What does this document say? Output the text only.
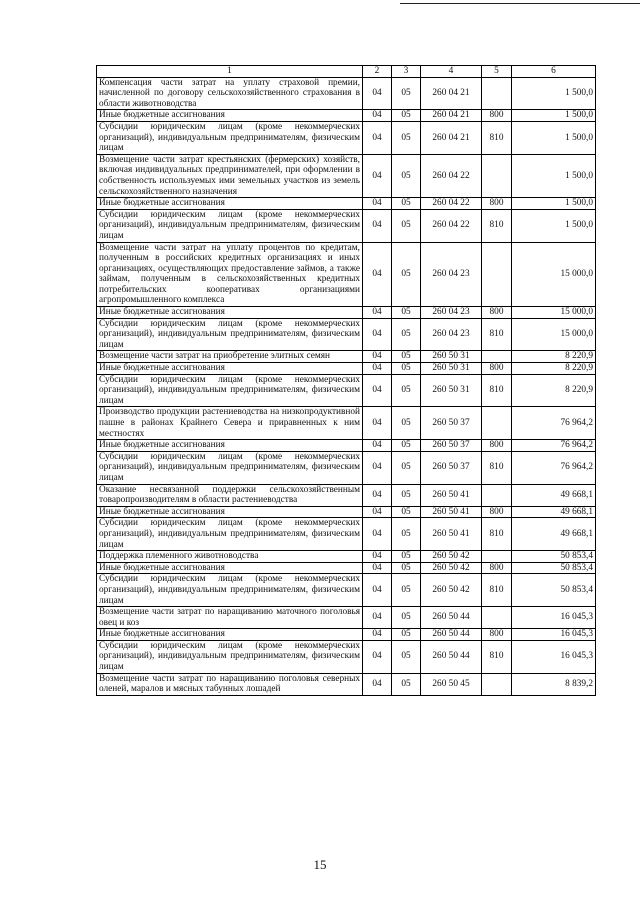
1	2	3	4	5	6
Компенсация части затрат на уплату страховой премии, начисленной по договору сельскохозяйственного страхования в области животноводства	04	05	260 04 21		1 500,0
Иные бюджетные ассигнования	04	05	260 04 21	800	1 500,0
Субсидии юридическим лицам (кроме некоммерческих организаций), индивидуальным предпринимателям, физическим лицам	04	05	260 04 21	810	1 500,0
Возмещение части затрат крестьянских (фермерских) хозяйств, включая индивидуальных предпринимателей, при оформлении в собственность используемых ими земельных участков из земель сельскохозяйственного назначения	04	05	260 04 22		1 500,0
Иные бюджетные ассигнования	04	05	260 04 22	800	1 500,0
Субсидии юридическим лицам (кроме некоммерческих организаций), индивидуальным предпринимателям, физическим лицам	04	05	260 04 22	810	1 500,0
Возмещение части затрат на уплату процентов по кредитам, полученным в российских кредитных организациях и иных организациях, осуществляющих предоставление займов, а также займам, полученным в сельскохозяйственных кредитных потребительских кооперативах организациями агропромышленного комплекса	04	05	260 04 23		15 000,0
Иные бюджетные ассигнования	04	05	260 04 23	800	15 000,0
Субсидии юридическим лицам (кроме некоммерческих организаций), индивидуальным предпринимателям, физическим лицам	04	05	260 04 23	810	15 000,0
Возмещение части затрат на приобретение элитных семян	04	05	260 50 31		8 220,9
Иные бюджетные ассигнования	04	05	260 50 31	800	8 220,9
Субсидии юридическим лицам (кроме некоммерческих организаций), индивидуальным предпринимателям, физическим лицам	04	05	260 50 31	810	8 220,9
Производство продукции растениеводства на низкопродуктивной пашне в районах Крайнего Севера и приравненных к ним местностях	04	05	260 50 37		76 964,2
Иные бюджетные ассигнования	04	05	260 50 37	800	76 964,2
Субсидии юридическим лицам (кроме некоммерческих организаций), индивидуальным предпринимателям, физическим лицам	04	05	260 50 37	810	76 964,2
Оказание несвязанной поддержки сельскохозяйственным товаропроизводителям в области растениеводства	04	05	260 50 41		49 668,1
Иные бюджетные ассигнования	04	05	260 50 41	800	49 668,1
Субсидии юридическим лицам (кроме некоммерческих организаций), индивидуальным предпринимателям, физическим лицам	04	05	260 50 41	810	49 668,1
Поддержка племенного животноводства	04	05	260 50 42		50 853,4
Иные бюджетные ассигнования	04	05	260 50 42	800	50 853,4
Субсидии юридическим лицам (кроме некоммерческих организаций), индивидуальным предпринимателям, физическим лицам	04	05	260 50 42	810	50 853,4
Возмещение части затрат по наращиванию маточного поголовья овец и коз	04	05	260 50 44		16 045,3
Иные бюджетные ассигнования	04	05	260 50 44	800	16 045,3
Субсидии юридическим лицам (кроме некоммерческих организаций), индивидуальным предпринимателям, физическим лицам	04	05	260 50 44	810	16 045,3
Возмещение части затрат по наращиванию поголовья северных оленей, маралов и мясных табунных лошадей	04	05	260 50 45		8 839,2
15
